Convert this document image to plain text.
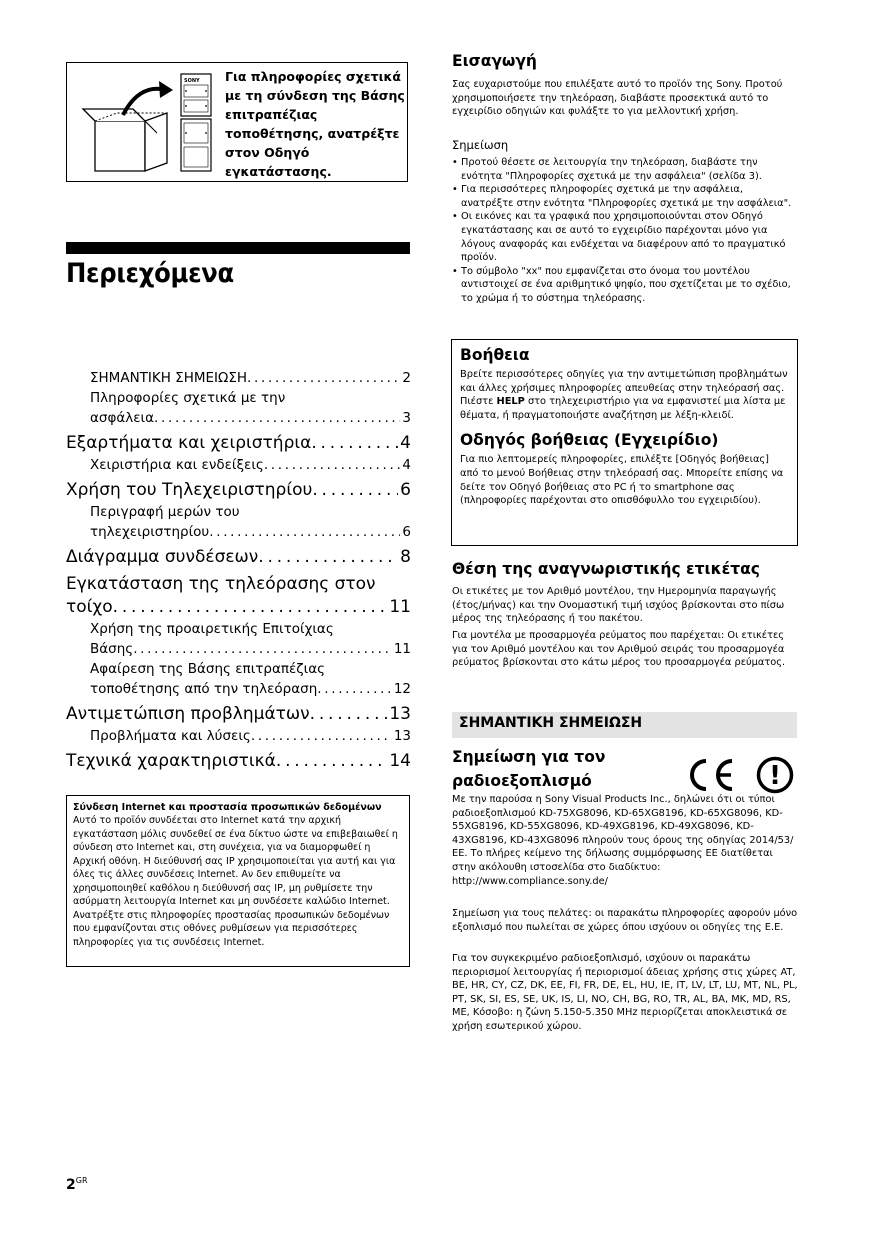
SONY Για πληροφορίες σχετικά με τη σύνδεση της Βάσης επιτραπέζιας τοποθέτησης, ανατρέξτε στον Οδηγό εγκατάστασης.
Περιεχόμενα
ΣΗΜΑΝΤΙΚΗ ΣΗΜΕΙΩΣΗ . . .	2
Πληροφορίες σχετικά με την
ασφάλεια . . .	3
Εξαρτήματα και χειριστήρια . . .	4
Χειριστήρια και ενδείξεις . . .	4
Χρήση του Τηλεχειριστηρίου . . .	6
Περιγραφή μερών του
τηλεχειριστηρίου . . .	6
Διάγραμμα συνδέσεων . . .	8
Εγκατάσταση της τηλεόρασης στον
τοίχο . . .	11
Χρήση της προαιρετικής Επιτοίχιας
Βάσης . . .	11
Αφαίρεση της Βάσης επιτραπέζιας
τοποθέτησης από την τηλεόραση . . .	12
Αντιμετώπιση προβλημάτων . . .	13
Προβλήματα και λύσεις . . .	13
Τεχνικά χαρακτηριστικά . . .	14
Σύνδεση Internet και προστασία προσωπικών δεδομένων
Αυτό το προϊόν συνδέεται στο Internet κατά την αρχική εγκατάσταση μόλις συνδεθεί σε ένα δίκτυο ώστε να επιβεβαιωθεί η σύνδεση στο Internet και, στη συνέχεια, για να διαμορφωθεί η Αρχική οθόνη. Η διεύθυνσή σας IP χρησιμοποιείται για αυτή και για όλες τις άλλες συνδέσεις Internet. Αν δεν επιθυμείτε να χρησιμοποιηθεί καθόλου η διεύθυνσή σας IP, μη ρυθμίσετε την ασύρματη λειτουργία Internet και μη συνδέσετε καλώδιο Internet. Ανατρέξτε στις πληροφορίες προστασίας προσωπικών δεδομένων που εμφανίζονται στις οθόνες ρυθμίσεων για περισσότερες πληροφορίες για τις συνδέσεις Internet.
Εισαγωγή
Σας ευχαριστούμε που επιλέξατε αυτό το προϊόν της Sony. Προτού χρησιμοποιήσετε την τηλεόραση, διαβάστε προσεκτικά αυτό το εγχειρίδιο οδηγιών και φυλάξτε το για μελλοντική χρήση.
Σημείωση
• Προτού θέσετε σε λειτουργία την τηλεόραση, διαβάστε την ενότητα "Πληροφορίες σχετικά με την ασφάλεια" (σελίδα 3).
• Για περισσότερες πληροφορίες σχετικά με την ασφάλεια, ανατρέξτε στην ενότητα "Πληροφορίες σχετικά με την ασφάλεια".
• Οι εικόνες και τα γραφικά που χρησιμοποιούνται στον Οδηγό εγκατάστασης και σε αυτό το εγχειρίδιο παρέχονται μόνο για λόγους αναφοράς και ενδέχεται να διαφέρουν από το πραγματικό προϊόν.
• Το σύμβολο "xx" που εμφανίζεται στο όνομα του μοντέλου αντιστοιχεί σε ένα αριθμητικό ψηφίο, που σχετίζεται με το σχέδιο, το χρώμα ή το σύστημα τηλεόρασης.
Βοήθεια
Βρείτε περισσότερες οδηγίες για την αντιμετώπιση προβλημάτων και άλλες χρήσιμες πληροφορίες απευθείας στην τηλεόρασή σας. Πιέστε HELP στο τηλεχειριστήριο για να εμφανιστεί μια λίστα με θέματα, ή πραγματοποιήστε αναζήτηση με λέξη-κλειδί.
Οδηγός βοήθειας (Εγχειρίδιο)
Για πιο λεπτομερείς πληροφορίες, επιλέξτε [Οδηγός βοήθειας] από το μενού Βοήθειας στην τηλεόρασή σας. Μπορείτε επίσης να δείτε τον Οδηγό βοήθειας στο PC ή το smartphone σας (πληροφορίες παρέχονται στο οπισθόφυλλο του εγχειριδίου).
Θέση της αναγνωριστικής ετικέτας
Οι ετικέτες με τον Αριθμό μοντέλου, την Ημερομηνία παραγωγής (έτος/μήνας) και την Ονομαστική τιμή ισχύος βρίσκονται στο πίσω μέρος της τηλεόρασης ή του πακέτου.
Για μοντέλα με προσαρμογέα ρεύματος που παρέχεται: Οι ετικέτες για τον Αριθμό μοντέλου και τον Αριθμού σειράς του προσαρμογέα ρεύματος βρίσκονται στο κάτω μέρος του προσαρμογέα ρεύματος.
ΣΗΜΑΝΤΙΚΗ ΣΗΜΕΙΩΣΗ
Σημείωση για τον ραδιοεξοπλισμό
CE
!
Με την παρούσα η Sony Visual Products Inc., δηλώνει ότι οι τύποι ραδιοεξοπλισμού KD-75XG8096, KD-65XG8196, KD-65XG8096, KD-55XG8196, KD-55XG8096, KD-49XG8196, KD-49XG8096, KD-43XG8196, KD-43XG8096 πληρούν τους όρους της οδηγίας 2014/53/ΕΕ. Το πλήρες κείμενο της δήλωσης συμμόρφωσης ΕΕ διατίθεται στην ακόλουθη ιστοσελίδα στο διαδίκτυο: http://www.compliance.sony.de/
Σημείωση για τους πελάτες: οι παρακάτω πληροφορίες αφορούν μόνο εξοπλισμό που πωλείται σε χώρες όπου ισχύουν οι οδηγίες της Ε.Ε.
Για τον συγκεκριμένο ραδιοεξοπλισμό, ισχύουν οι παρακάτω περιορισμοί λειτουργίας ή περιορισμοί άδειας χρήσης στις χώρες AT, BE, HR, CY, CZ, DK, EE, FI, FR, DE, EL, HU, IE, IT, LV, LT, LU, MT, NL, PL, PT, SK, SI, ES, SE, UK, IS, LI, NO, CH, BG, RO, TR, AL, BA, MK, MD, RS, ME, Κόσοβο: η ζώνη 5.150-5.350 MHz περιορίζεται αποκλειστικά σε χρήση εσωτερικού χώρου.
$2^{GR}$
